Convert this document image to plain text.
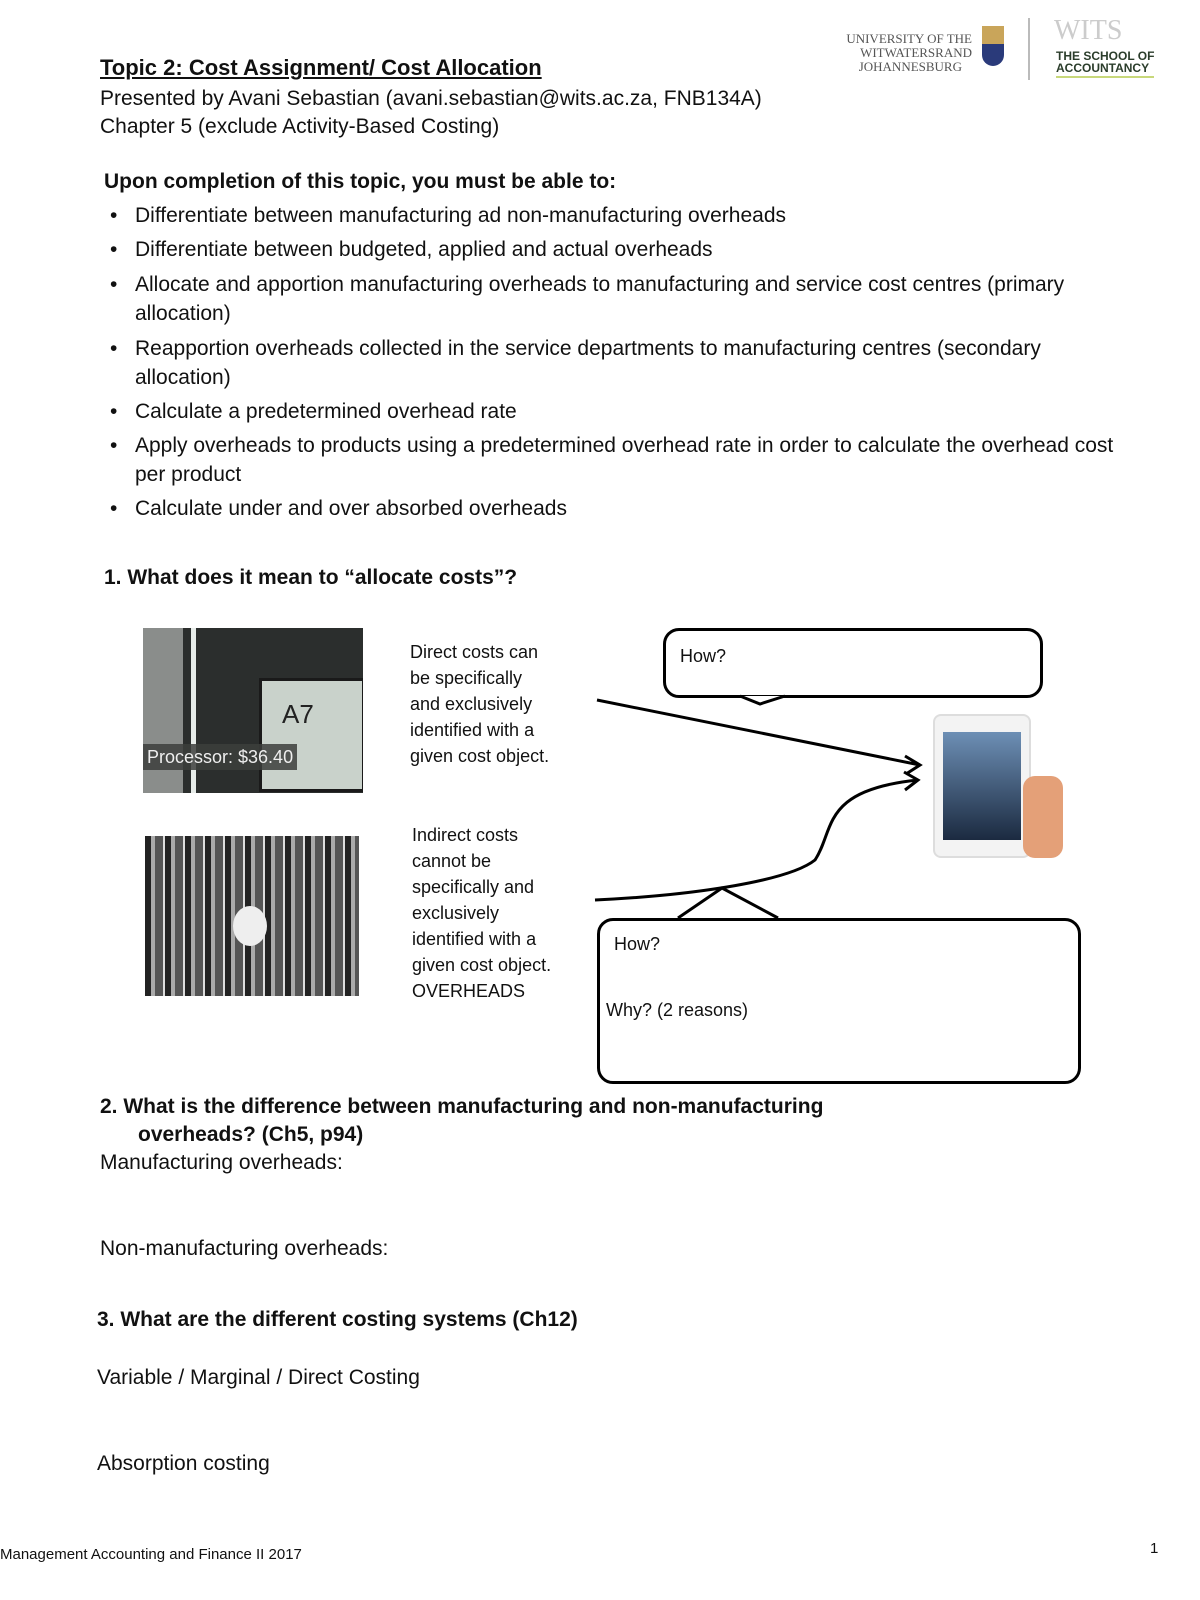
Topic 2: Cost Assignment/ Cost Allocation
Presented by Avani Sebastian (avani.sebastian@wits.ac.za, FNB134A)
Chapter 5 (exclude Activity-Based Costing)
UNIVERSITY OF THE
WITWATERSRAND
JOHANNESBURG
WITS
THE SCHOOL OF
ACCOUNTANCY
Upon completion of this topic, you must be able to:
• Differentiate between manufacturing ad non-manufacturing overheads
• Differentiate between budgeted, applied and actual overheads
• Allocate and apportion manufacturing overheads to manufacturing and service cost centres (primary allocation)
• Reapportion overheads collected in the service departments to manufacturing centres (secondary allocation)
• Calculate a predetermined overhead rate
• Apply overheads to products using a predetermined overhead rate in order to calculate the overhead cost per product
• Calculate under and over absorbed overheads
1. What does it mean to “allocate costs”?
A7
Processor: $36.40
Direct costs can
be specifically
and exclusively
identified with a
given cost object.
Indirect costs
cannot be
specifically and
exclusively
identified with a
given cost object.
OVERHEADS
How?
How?
Why? (2 reasons)
2. What is the difference between manufacturing and non-manufacturing
overheads? (Ch5, p94)
Manufacturing overheads:
Non-manufacturing overheads:
3. What are the different costing systems (Ch12)
Variable / Marginal / Direct Costing
Absorption costing
Management Accounting and Finance II 2017	1
